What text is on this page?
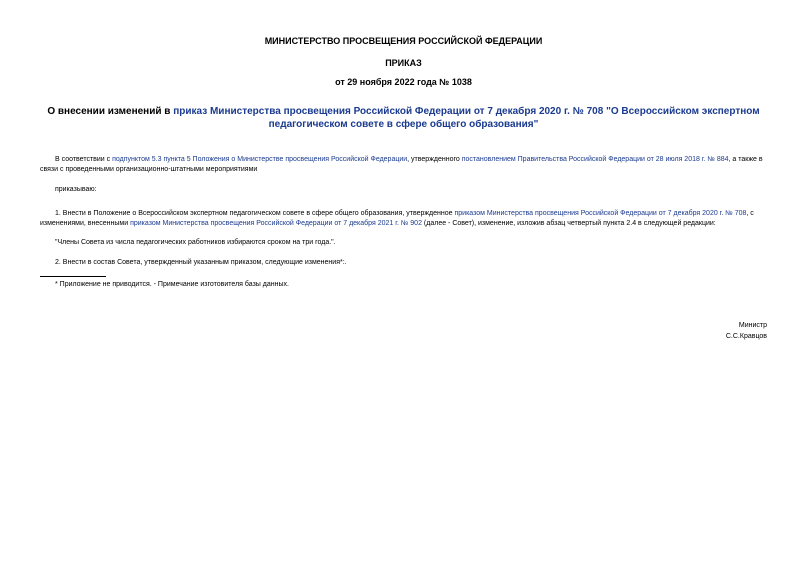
МИНИСТЕРСТВО ПРОСВЕЩЕНИЯ РОССИЙСКОЙ ФЕДЕРАЦИИ
ПРИКАЗ
от 29 ноября 2022 года № 1038
О внесении изменений в приказ Министерства просвещения Российской Федерации от 7 декабря 2020 г. № 708 "О Всероссийском экспертном педагогическом совете в сфере общего образования"
В соответствии с подпунктом 5.3 пункта 5 Положения о Министерстве просвещения Российской Федерации, утвержденного постановлением Правительства Российской Федерации от 28 июля 2018 г. № 884, а также в связи с проведенными организационно-штатными мероприятиями
приказываю:
1. Внести в Положение о Всероссийском экспертном педагогическом совете в сфере общего образования, утвержденное приказом Министерства просвещения Российской Федерации от 7 декабря 2020 г. № 708, с изменениями, внесенными приказом Министерства просвещения Российской Федерации от 7 декабря 2021 г. № 902 (далее - Совет), изменение, изложив абзац четвертый пункта 2.4 в следующей редакции:
"Члены Совета из числа педагогических работников избираются сроком на три года.".
2. Внести в состав Совета, утвержденный указанным приказом, следующие изменения*:.
* Приложение не приводится. - Примечание изготовителя базы данных.
Министр
С.С.Кравцов
